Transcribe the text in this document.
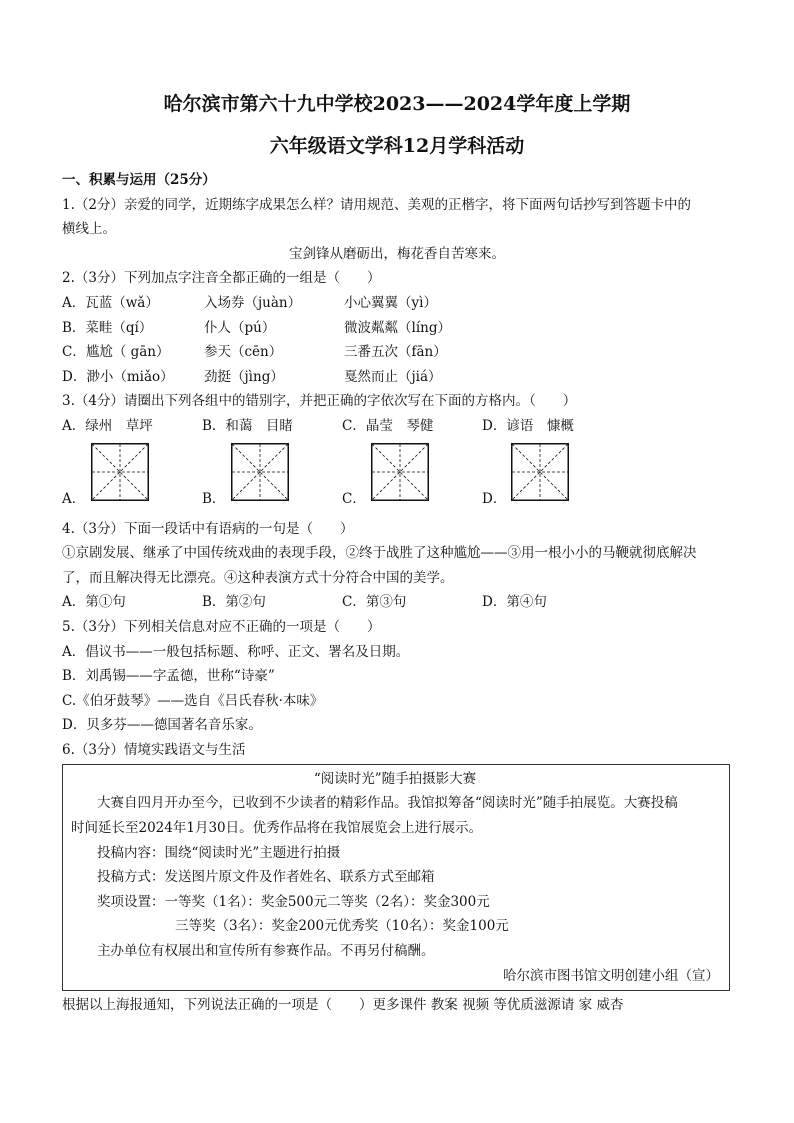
哈尔滨市第六十九中学校2023——2024学年度上学期
六年级语文学科12月学科活动
一、积累与运用（25分）
1.（2分）亲爱的同学，近期练字成果怎么样？请用规范、美观的正楷字，将下面两句话抄写到答题卡中的
横线上。
宝剑锋从磨砺出，梅花香自苦寒来。
2.（3分）下列加点字注音全都正确的一组是（　　）
A．瓦蓝（wǎ）	入场券（juàn）	小心翼翼（yì）
B．菜畦（qí）	仆人（pú）	微波粼粼（líng）
C．尴尬（ gān）	参天（cēn）	三番五次（fān）
D．渺小（miǎo）	劲挺（jìng）	戛然而止（jiá）
3.（4分）请圈出下列各组中的错别字，并把正确的字依次写在下面的方格内。（　　）
A．绿州　草坪	B．和蔼　目睹	C．晶莹　琴健	D．谚语　慷概
A．	B．	C．	D．
4.（3分）下面一段话中有语病的一句是（　　）
①京剧发展、继承了中国传统戏曲的表现手段，②终于战胜了这种尴尬——③用一根小小的马鞭就彻底解决
了，而且解决得无比漂亮。④这种表演方式十分符合中国的美学。
A．第①句	B．第②句	C．第③句	D．第④句
5.（3分）下列相关信息对应不正确的一项是（　　）
A．倡议书——一般包括标题、称呼、正文、署名及日期。
B．刘禹锡——字孟德，世称“诗豪”
C.《伯牙鼓琴》——选自《吕氏春秋·本味》
D．贝多芬——德国著名音乐家。
6.（3分）情境实践语文与生活
“阅读时光”随手拍摄影大赛
大赛自四月开办至今，已收到不少读者的精彩作品。我馆拟筹备“阅读时光”随手拍展览。大赛投稿
时间延长至2024年1月30日。优秀作品将在我馆展览会上进行展示。
投稿内容：围绕“阅读时光”主题进行拍摄
投稿方式：发送图片原文件及作者姓名、联系方式至邮箱
奖项设置：一等奖（1名）：奖金500元二等奖（2名）：奖金300元
三等奖（3名）：奖金200元优秀奖（10名）：奖金100元
主办单位有权展出和宣传所有参赛作品。不再另付稿酬。
哈尔滨市图书馆文明创建小组（宣）
根据以上海报通知，下列说法正确的一项是（　　）更多课件 教案 视频 等优质滋源请 家 威杏
